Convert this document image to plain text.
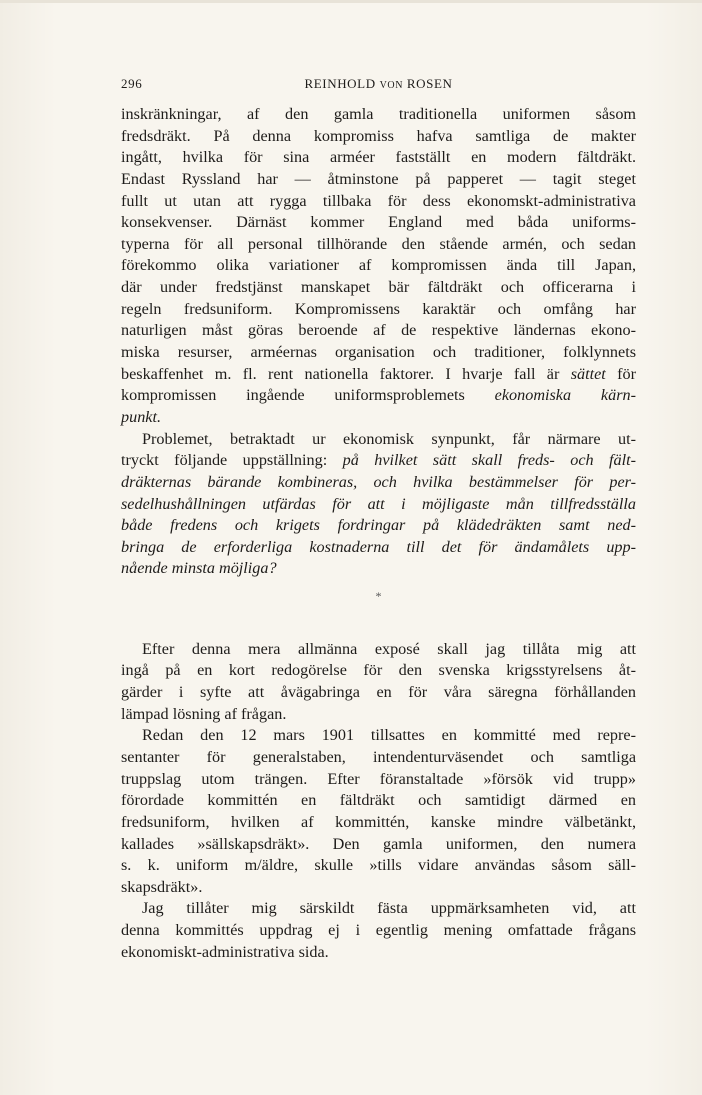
296	REINHOLD VON ROSEN
inskränkningar, af den gamla traditionella uniformen såsom
fredsdräkt. På denna kompromiss hafva samtliga de makter
ingått, hvilka för sina arméer fastställt en modern fältdräkt.
Endast Ryssland har — åtminstone på papperet — tagit steget
fullt ut utan att rygga tillbaka för dess ekonomskt-administrativa
konsekvenser. Därnäst kommer England med båda uniforms-
typerna för all personal tillhörande den stående armén, och sedan
förekommo olika variationer af kompromissen ända till Japan,
där under fredstjänst manskapet bär fältdräkt och officerarna i
regeln fredsuniform. Kompromissens karaktär och omfång har
naturligen måst göras beroende af de respektive ländernas ekono-
miska resurser, arméernas organisation och traditioner, folklynnets
beskaffenhet m. fl. rent nationella faktorer. I hvarje fall är sättet för
kompromissen ingående uniformsproblemets ekonomiska kärn-
punkt.
Problemet, betraktadt ur ekonomisk synpunkt, får närmare ut-
tryckt följande uppställning: på hvilket sätt skall freds- och fält-
dräkternas bärande kombineras, och hvilka bestämmelser för per-
sedelhushållningen utfärdas för att i möjligaste mån tillfredsställa
både fredens och krigets fordringar på klädedräkten samt ned-
bringa de erforderliga kostnaderna till det för ändamålets upp-
nående minsta möjliga?
*
Efter denna mera allmänna exposé skall jag tillåta mig att
ingå på en kort redogörelse för den svenska krigsstyrelsens åt-
gärder i syfte att åvägabringa en för våra säregna förhållanden
lämpad lösning af frågan.
Redan den 12 mars 1901 tillsattes en kommitté med repre-
sentanter för generalstaben, intendenturväsendet och samtliga
truppslag utom trängen. Efter föranstaltade »försök vid trupp»
förordade kommittén en fältdräkt och samtidigt därmed en
fredsuniform, hvilken af kommittén, kanske mindre välbetänkt,
kallades »sällskapsdräkt». Den gamla uniformen, den numera
s. k. uniform m/äldre, skulle »tills vidare användas såsom säll-
skapsdräkt».
Jag tillåter mig särskildt fästa uppmärksamheten vid, att
denna kommittés uppdrag ej i egentlig mening omfattade frågans
ekonomiskt-administrativa sida.
